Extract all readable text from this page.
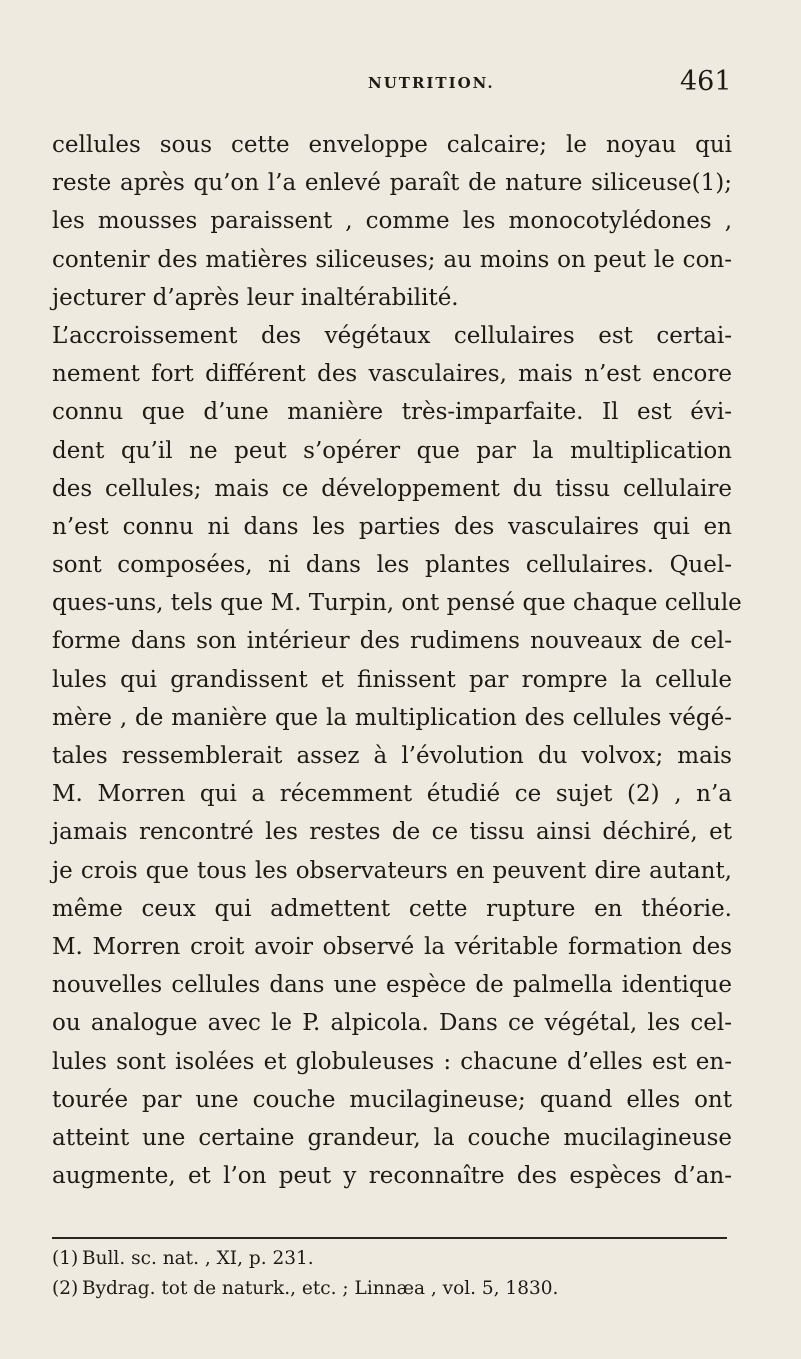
NUTRITION.	461
cellules sous cette enveloppe calcaire; le noyau qui
reste après qu’on l’a enlevé paraît de nature siliceuse(1);
les mousses paraissent , comme les monocotylédones ,
contenir des matières siliceuses; au moins on peut le con-
jecturer d’après leur inaltérabilité.
L’accroissement des végétaux cellulaires est certai-
nement fort différent des vasculaires, mais n’est encore
connu que d’une manière très-imparfaite. Il est évi-
dent qu’il ne peut s’opérer que par la multiplication
des cellules; mais ce développement du tissu cellulaire
n’est connu ni dans les parties des vasculaires qui en
sont composées, ni dans les plantes cellulaires. Quel-
ques-uns, tels que M. Turpin, ont pensé que chaque cellule
forme dans son intérieur des rudimens nouveaux de cel-
lules qui grandissent et finissent par rompre la cellule
mère , de manière que la multiplication des cellules végé-
tales ressemblerait assez à l’évolution du volvox; mais
M. Morren qui a récemment étudié ce sujet (2) , n’a
jamais rencontré les restes de ce tissu ainsi déchiré, et
je crois que tous les observateurs en peuvent dire autant,
même ceux qui admettent cette rupture en théorie.
M. Morren croit avoir observé la véritable formation des
nouvelles cellules dans une espèce de palmella identique
ou analogue avec le P. alpicola. Dans ce végétal, les cel-
lules sont isolées et globuleuses : chacune d’elles est en-
tourée par une couche mucilagineuse; quand elles ont
atteint une certaine grandeur, la couche mucilagineuse
augmente, et l’on peut y reconnaître des espèces d’an-
(1) Bull. sc. nat. , XI, p. 231.
(2) Bydrag. tot de naturk., etc. ; Linnæa , vol. 5, 1830.
